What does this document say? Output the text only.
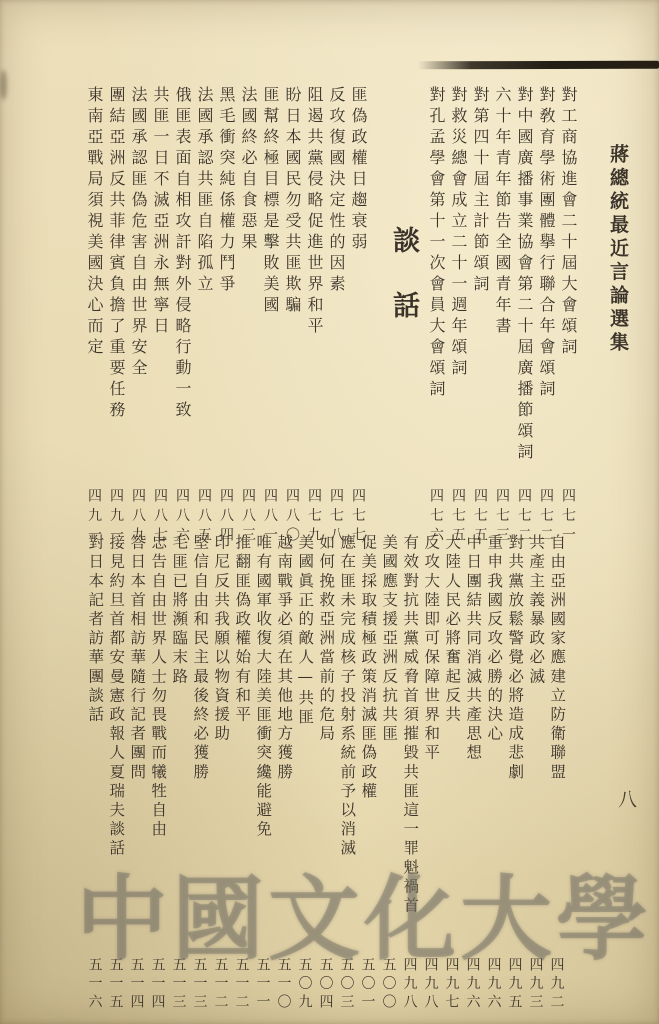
蔣總統最近言論選集
對工商協進會二十屆大會頌詞
四七一
對敎育學術團體擧行聯合年會頌詞
四七二
對中國廣播事業協會第二十屆廣播節頌詞
四七二
六十年青年節告全國青年書
四七三
對第四十屆主計節頌詞
四七五
對救災總會成立二十一週年頌詞
四七五
對孔孟學會第十一次會員大會頌詞
四七六
談話
匪偽政權日趨衰弱
四七七
反攻復國決定性的因素
四七八
阻遏共黨侵略促進世界和平
四七九
盼日本國民勿受共匪欺騙
四八〇
匪幫終極目標是擊敗美國
四八一
法國終必自食惡果
四八三
黑毛衝突純係權力鬥爭
四八四
法國承認共匪自陷孤立
四八五
俄匪表面自相攻訐對外侵略行動一致
四八六
共匪一日不滅亞洲永無寧日
四八七
法國承認匪偽危害自由世界安全
四八九
團結亞洲反共菲律賓負擔了重要任務
四九一
東南亞戰局須視美國決心而定
四九一
自由亞洲國家應建立防衛聯盟
四九二
共產主義暴政必滅
四九三
對共黨放鬆警覺必將造成悲劇
四九五
重申我國反攻必勝的決心
四九六
中日團結共同消滅共產思想
四九六
大陸人民必將奮起反共
四九七
反攻大陸即可保障世界和平
四九八
有效對抗共黨威脅首須摧毀共匪這一罪魁禍首
四九八
美國應支援亞洲反抗共匪
五〇〇
促美採取積極政策消滅匪偽政權
五〇一
應在匪未完成核子投射系統前予以消滅
五〇三
如何挽救亞洲當前的危局
五〇四
美國眞正的敵人—共匪
五〇九
越南戰爭必須在其他地方獲勝
五一〇
唯有國軍收復大陸美匪衝突纔能避免
五一一
推翻匪偽政權始有和平
五一二
印尼反共我願以物資援助
五一二
堅信自由和民主最後終必獲勝
五一三
毛匪已將瀕臨末路
五一三
忠告自由世界人士勿畏戰而犧牲自由
五一四
答日本首相訪華隨行記者團問
五一四
接見約旦首都安曼憲政報人夏瑞夫談話
五一五
對日本記者訪華團談話
五一六
八
中國文化大學
